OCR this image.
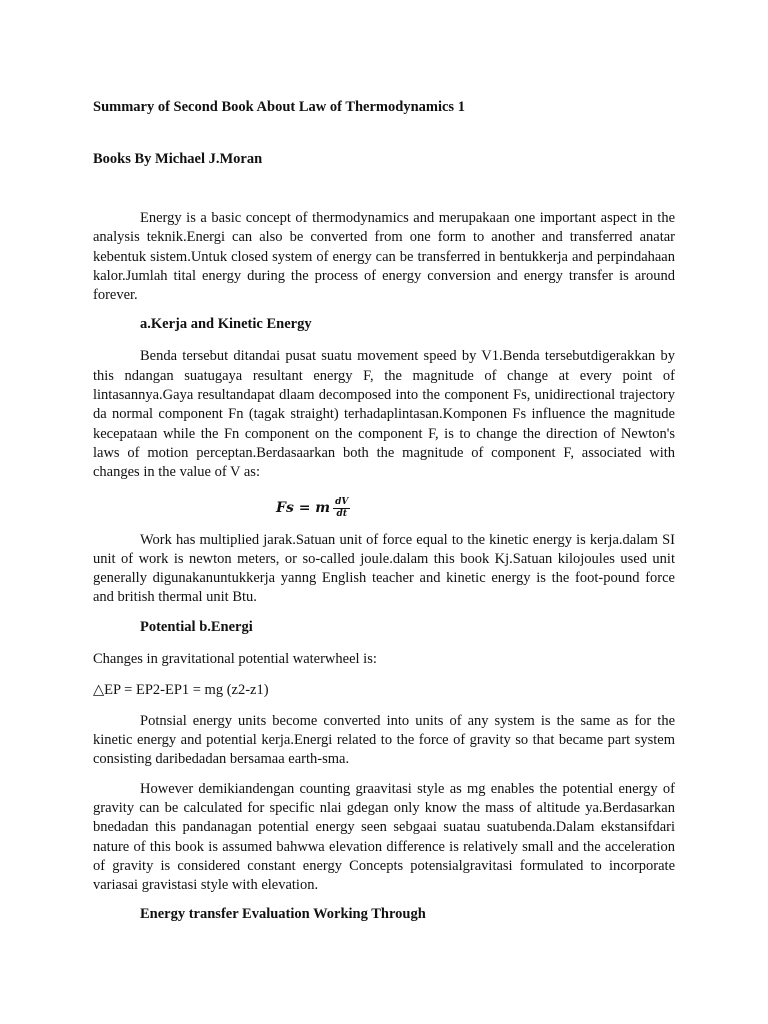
Summary of Second Book About Law of Thermodynamics 1

Books By Michael J.Moran

Energy is a basic concept of thermodynamics and merupakaan one important aspect in the analysis teknik.Energi can also be converted from one form to another and transferred anatar kebentuk sistem.Untuk closed system of energy can be transferred in bentukkerja and perpindahaan kalor.Jumlah tital energy during the process of energy conversion and energy transfer is around forever.

a.Kerja and Kinetic Energy

Benda tersebut ditandai pusat suatu movement speed by V1.Benda tersebutdigerakkan by this ndangan suatugaya resultant energy F, the magnitude of change at every point of lintasannya.Gaya resultandapat dlaam decomposed into the component Fs, unidirectional trajectory da normal component Fn (tagak straight) terhadaplintasan.Komponen Fs influence the magnitude kecepataan while the Fn component on the component F, is to change the direction of Newton's laws of motion perceptan.Berdasaarkan both the magnitude of component F, associated with changes in the value of V as:

Fs = m $\frac{dV}{dt}$

Work has multiplied jarak.Satuan unit of force equal to the kinetic energy is kerja.dalam SI unit of work is newton meters, or so-called joule.dalam this book Kj.Satuan kilojoules used unit generally digunakanuntukkerja yanng English teacher and kinetic energy is the foot-pound force and british thermal unit Btu.

Potential b.Energi

Changes in gravitational potential waterwheel is:

△EP = EP2-EP1 = mg (z2-z1)

Potnsial energy units become converted into units of any system is the same as for the kinetic energy and potential kerja.Energi related to the force of gravity so that became part system consisting daribedadan bersamaa earth-sma.

However demikiandengan counting graavitasi style as mg enables the potential energy of gravity can be calculated for specific nlai gdegan only know the mass of altitude ya.Berdasarkan bnedadan this pandanagan potential energy seen sebgaai suatau suatubenda.Dalam ekstansifdari nature of this book is assumed bahwwa elevation difference is relatively small and the acceleration of gravity is considered constant energy Concepts potensialgravitasi formulated to incorporate variasai gravistasi style with elevation.

Energy transfer Evaluation Working Through
